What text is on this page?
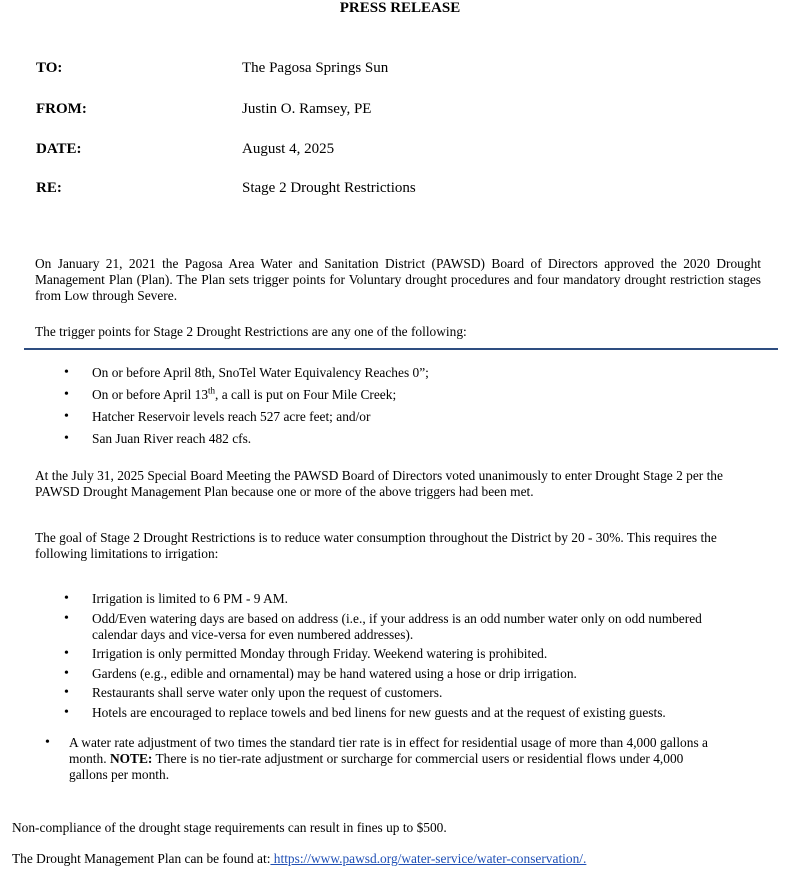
PRESS RELEASE
TO:	The Pagosa Springs Sun
FROM:	Justin O. Ramsey, PE
DATE:	August 4, 2025
RE:	Stage 2 Drought Restrictions

On January 21, 2021 the Pagosa Area Water and Sanitation District (PAWSD) Board of Directors approved the 2020 Drought Management Plan (Plan). The Plan sets trigger points for Voluntary drought procedures and four mandatory drought restriction stages from Low through Severe.

The trigger points for Stage 2 Drought Restrictions are any one of the following:

• On or before April 8th, SnoTel Water Equivalency Reaches 0”;
• On or before April 13th, a call is put on Four Mile Creek;
• Hatcher Reservoir levels reach 527 acre feet; and/or
• San Juan River reach 482 cfs.

At the July 31, 2025 Special Board Meeting the PAWSD Board of Directors voted unanimously to enter Drought Stage 2 per the PAWSD Drought Management Plan because one or more of the above triggers had been met.

The goal of Stage 2 Drought Restrictions is to reduce water consumption throughout the District by 20 - 30%. This requires the following limitations to irrigation:

• Irrigation is limited to 6 PM - 9 AM.
• Odd/Even watering days are based on address (i.e., if your address is an odd number water only on odd numbered calendar days and vice-versa for even numbered addresses).
• Irrigation is only permitted Monday through Friday. Weekend watering is prohibited.
• Gardens (e.g., edible and ornamental) may be hand watered using a hose or drip irrigation.
• Restaurants shall serve water only upon the request of customers.
• Hotels are encouraged to replace towels and bed linens for new guests and at the request of existing guests.
• A water rate adjustment of two times the standard tier rate is in effect for residential usage of more than 4,000 gallons a month. NOTE: There is no tier-rate adjustment or surcharge for commercial users or residential flows under 4,000 gallons per month.

Non-compliance of the drought stage requirements can result in fines up to $500.

The Drought Management Plan can be found at: https://www.pawsd.org/water-service/water-conservation/.
